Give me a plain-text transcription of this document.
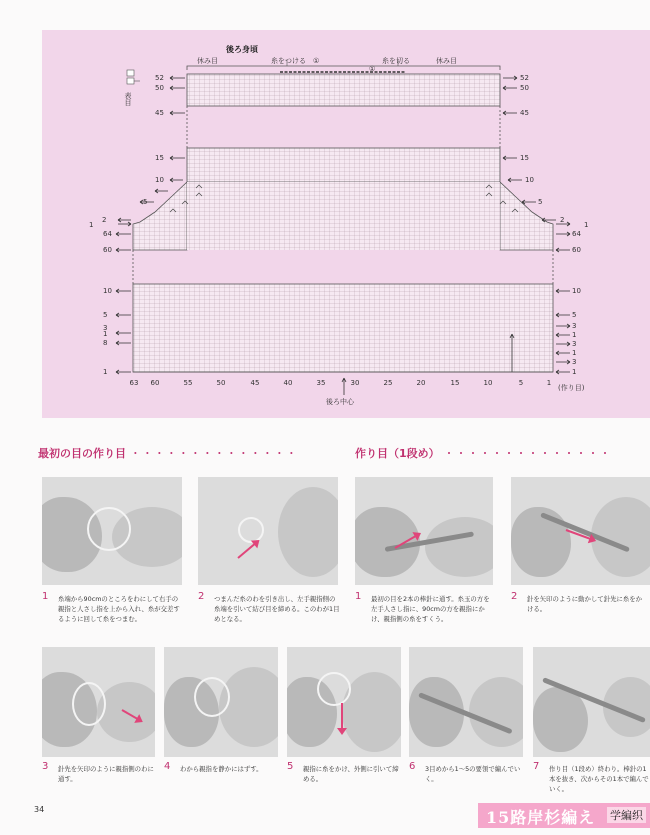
後ろ身頃
休み目	糸をつける ①	糸を切る
①
休み目
表目
52
50
45
15
10
5
1
2
64
60
10
5
3
1
8
1
52
50
45
15
10
5
2
1
64
60
10
5
3
1
3
1
3
1
63 60	55	50	45	40	35	30	25	20	15	10	5	1
(作り目)
後ろ中心
最初の目の作り目 ・・・・・・・・・・・・・・	作り目（1段め） ・・・・・・・・・・・・・・
1 糸端から90cmのところをわにして右手の親指と人さし指を上から入れ、糸が交差するように回して糸をつまむ。
2 つまんだ糸のわを引き出し、左手親指側の糸端を引いて結び目を締める。このわが1目めとなる。
1 最初の目を2本の棒針に通す。糸玉の方を左手人さし指に、90cmの方を親指にかけ、親指側の糸をすくう。
2 針を矢印のように動かして針先に糸をかける。
3 針先を矢印のように親指側のわに通す。
4 わから親指を静かにはずす。	5 親指に糸をかけ、外側に引いて締める。
6 3目めから1〜5の要領で編んでいく。
7 作り目（1段め）終わり。棒針の1本を抜き、次からその1本で編んでいく。
34	15路岸杉編え 学編织
